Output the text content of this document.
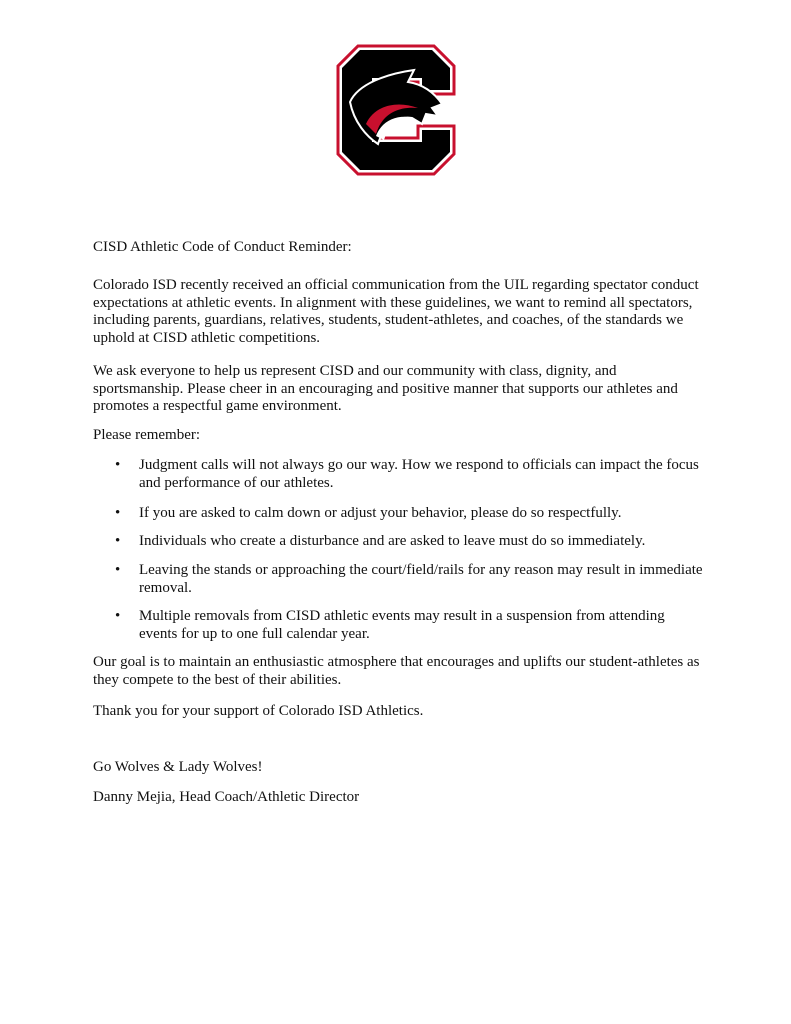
CISD Athletic Code of Conduct Reminder:

Colorado ISD recently received an official communication from the UIL regarding spectator conduct expectations at athletic events. In alignment with these guidelines, we want to remind all spectators, including parents, guardians, relatives, students, student-athletes, and coaches, of the standards we uphold at CISD athletic competitions.

We ask everyone to help us represent CISD and our community with class, dignity, and sportsmanship. Please cheer in an encouraging and positive manner that supports our athletes and promotes a respectful game environment.

Please remember:

• Judgment calls will not always go our way. How we respond to officials can impact the focus and performance of our athletes.
• If you are asked to calm down or adjust your behavior, please do so respectfully.
• Individuals who create a disturbance and are asked to leave must do so immediately.
• Leaving the stands or approaching the court/field/rails for any reason may result in immediate removal.
• Multiple removals from CISD athletic events may result in a suspension from attending events for up to one full calendar year.

Our goal is to maintain an enthusiastic atmosphere that encourages and uplifts our student-athletes as they compete to the best of their abilities.

Thank you for your support of Colorado ISD Athletics.

Go Wolves & Lady Wolves!

Danny Mejia, Head Coach/Athletic Director
